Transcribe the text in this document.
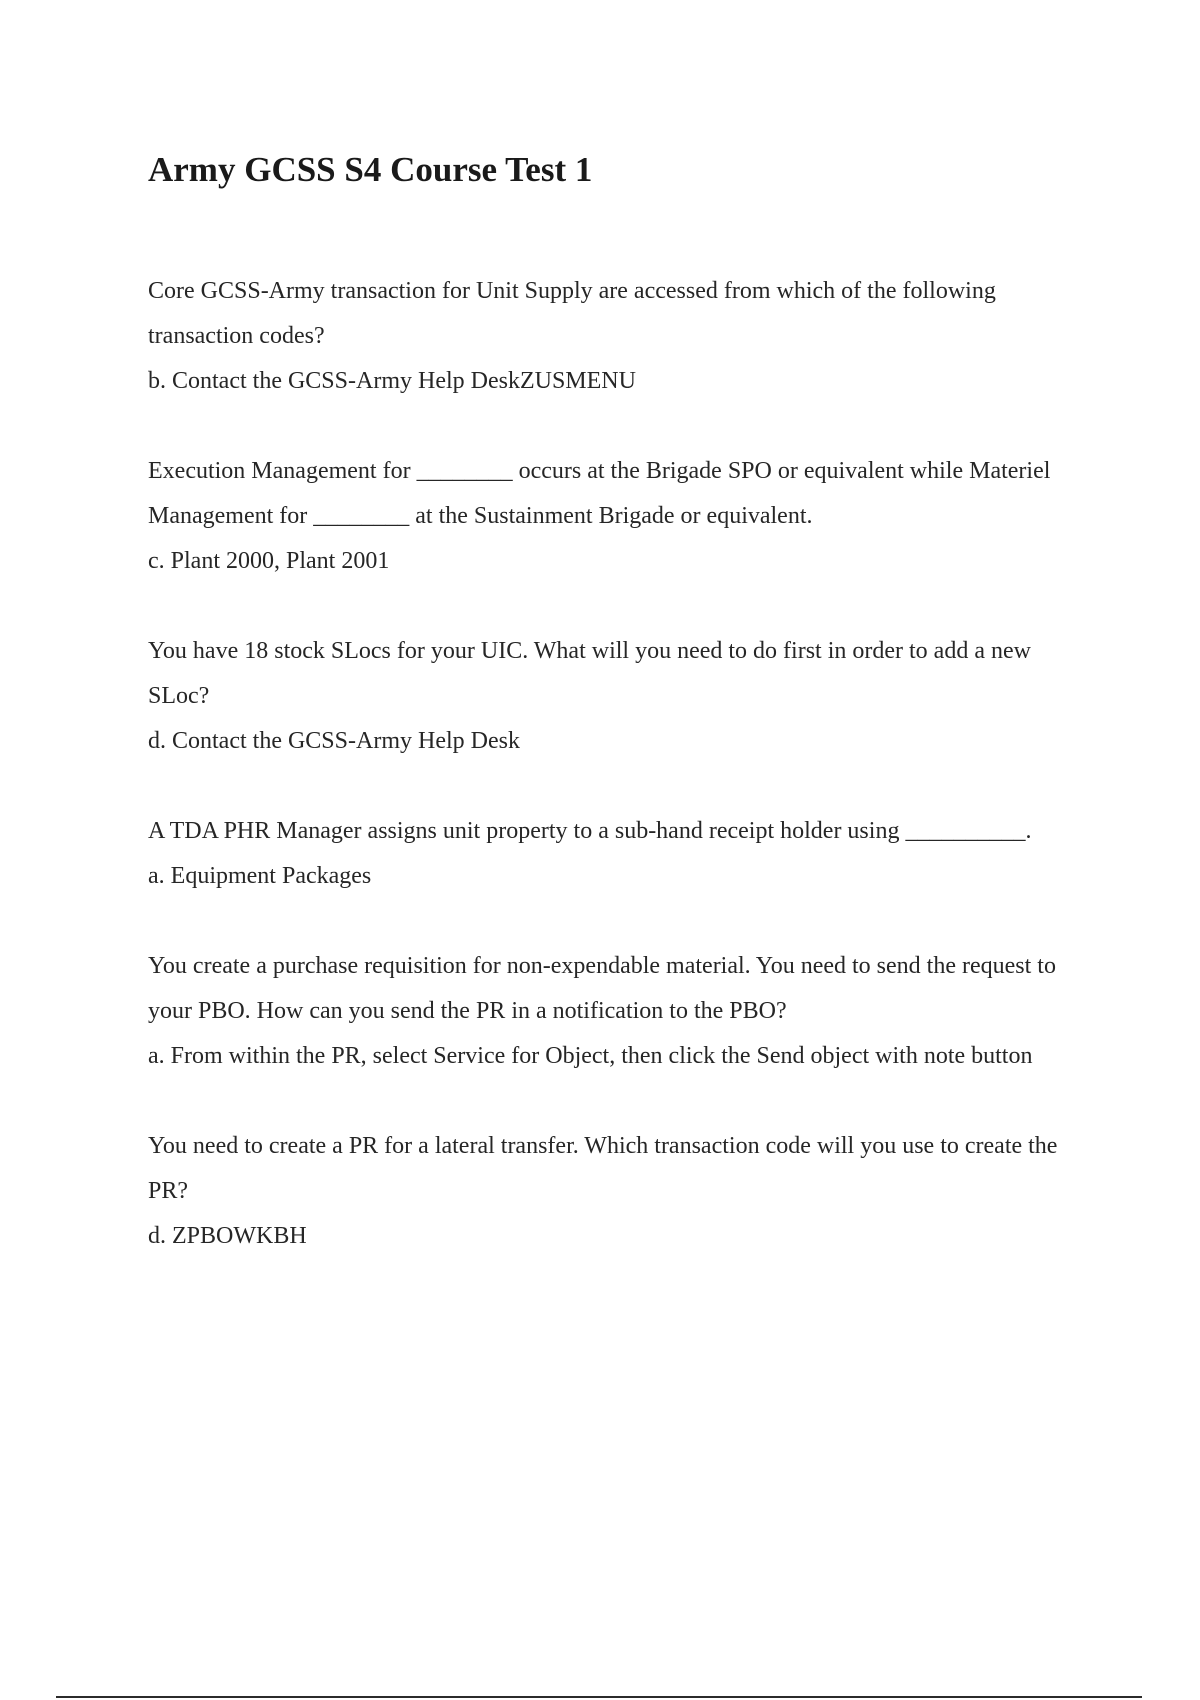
Army GCSS S4 Course Test 1

Core GCSS-Army transaction for Unit Supply are accessed from which of the following transaction codes?

b. Contact the GCSS-Army Help DeskZUSMENU

Execution Management for ________ occurs at the Brigade SPO or equivalent while Materiel Management for ________ at the Sustainment Brigade or equivalent.

c. Plant 2000, Plant 2001

You have 18 stock SLocs for your UIC. What will you need to do first in order to add a new SLoc?

d. Contact the GCSS-Army Help Desk

A TDA PHR Manager assigns unit property to a sub-hand receipt holder using __________.

a. Equipment Packages

You create a purchase requisition for non-expendable material. You need to send the request to your PBO. How can you send the PR in a notification to the PBO?

a. From within the PR, select Service for Object, then click the Send object with note button

You need to create a PR for a lateral transfer. Which transaction code will you use to create the PR?

d. ZPBOWKBH
